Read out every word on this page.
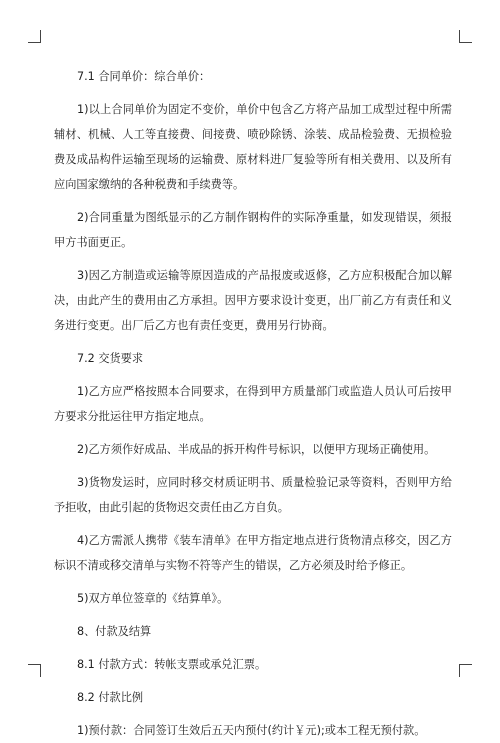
7.1 合同单价：综合单价：

1)以上合同单价为固定不变价，单价中包含乙方将产品加工成型过程中所需辅材、机械、人工等直接费、间接费、喷砂除锈、涂装、成品检验费、无损检验费及成品构件运输至现场的运输费、原材料进厂复验等所有相关费用、以及所有应向国家缴纳的各种税费和手续费等。

2)合同重量为图纸显示的乙方制作钢构件的实际净重量，如发现错误，须报甲方书面更正。

3)因乙方制造或运输等原因造成的产品报废或返修，乙方应积极配合加以解决，由此产生的费用由乙方承担。因甲方要求设计变更，出厂前乙方有责任和义务进行变更。出厂后乙方也有责任变更，费用另行协商。

7.2 交货要求

1)乙方应严格按照本合同要求，在得到甲方质量部门或监造人员认可后按甲方要求分批运往甲方指定地点。

2)乙方须作好成品、半成品的拆开构件号标识，以便甲方现场正确使用。

3)货物发运时，应同时移交材质证明书、质量检验记录等资料，否则甲方给予拒收，由此引起的货物迟交责任由乙方自负。

4)乙方需派人携带《装车清单》在甲方指定地点进行货物清点移交，因乙方标识不清或移交清单与实物不符等产生的错误，乙方必须及时给予修正。

5)双方单位签章的《结算单》。

8、付款及结算

8.1 付款方式：转帐支票或承兑汇票。

8.2 付款比例

1)预付款：合同签订生效后五天内预付(约计￥元);或本工程无预付款。
